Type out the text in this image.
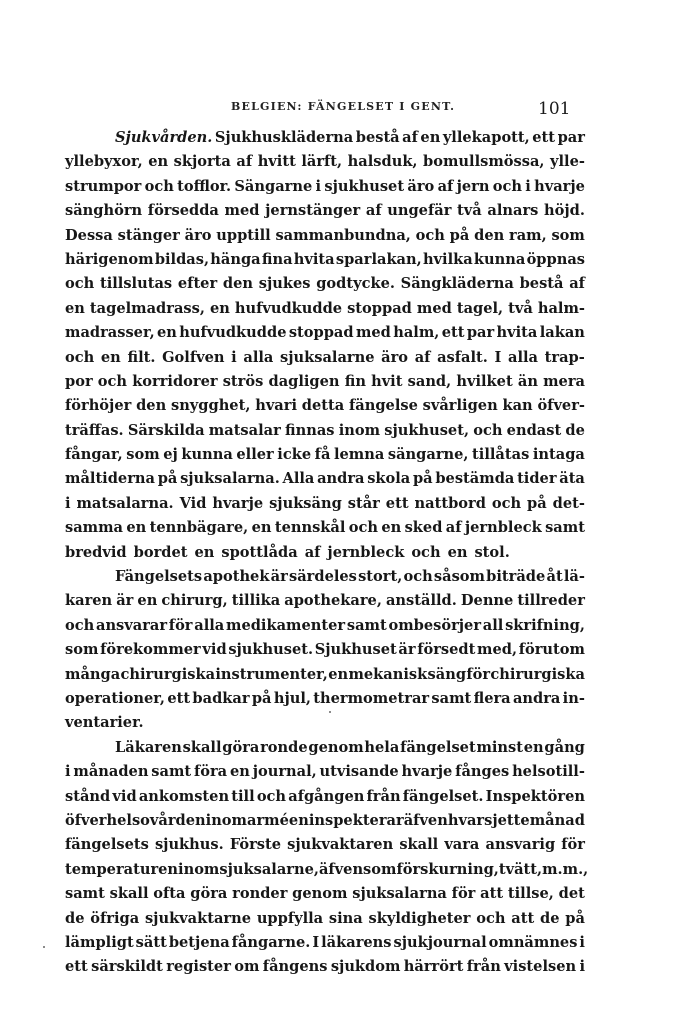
BELGIEN: FÄNGELSET I GENT.	101
Sjukvården. Sjukhuskläderna bestå af en yllekapott, ett par
yllebyxor, en skjorta af hvitt lärft, halsduk, bomullsmössa, ylle-
strumpor och tofflor. Sängarne i sjukhuset äro af jern och i hvarje
sänghörn försedda med jernstänger af ungefär två alnars höjd.
Dessa stänger äro upptill sammanbundna, och på den ram, som
härigenom bildas, hänga fina hvita sparlakan, hvilka kunna öppnas
och tillslutas efter den sjukes godtycke. Sängkläderna bestå af
en tagelmadrass, en hufvudkudde stoppad med tagel, två halm-
madrasser, en hufvudkudde stoppad med halm, ett par hvita lakan
och en filt. Golfven i alla sjuksalarne äro af asfalt. I alla trap-
por och korridorer strös dagligen fin hvit sand, hvilket än mera
förhöjer den snygghet, hvari detta fängelse svårligen kan öfver-
träffas. Särskilda matsalar finnas inom sjukhuset, och endast de
fångar, som ej kunna eller icke få lemna sängarne, tillåtas intaga
måltiderna på sjuksalarna. Alla andra skola på bestämda tider äta
i matsalarna. Vid hvarje sjuksäng står ett nattbord och på det-
samma en tennbägare, en tennskål och en sked af jernbleck samt
bredvid bordet en spottlåda af jernbleck och en stol.
Fängelsets apothek är särdeles stort, och såsom biträde åt lä-
karen är en chirurg, tillika apothekare, anställd. Denne tillreder
och ansvarar för alla medikamenter samt ombesörjer all skrifning,
som förekommer vid sjukhuset. Sjukhuset är försedt med, förutom
många chirurgiska instrumenter, en mekanisk säng för chirurgiska
operationer, ett badkar på hjul, thermometrar samt flera andra in-
ventarier.
Läkaren skall göra ronde genom hela fängelset minst en gång
i månaden samt föra en journal, utvisande hvarje fånges helsotill-
stånd vid ankomsten till och afgången från fängelset. Inspektören
öfver helsovården inom arméen inspekterar äfven hvar sjette månad
fängelsets sjukhus. Förste sjukvaktaren skall vara ansvarig för
temperaturen inom sjuksalarne, äfvensom för skurning, tvätt, m. m.,
samt skall ofta göra ronder genom sjuksalarna för att tillse, det
de öfriga sjukvaktarne uppfylla sina skyldigheter och att de på
lämpligt sätt betjena fångarne. I läkarens sjukjournal omnämnes i
ett särskildt register om fångens sjukdom härrört från vistelsen i
